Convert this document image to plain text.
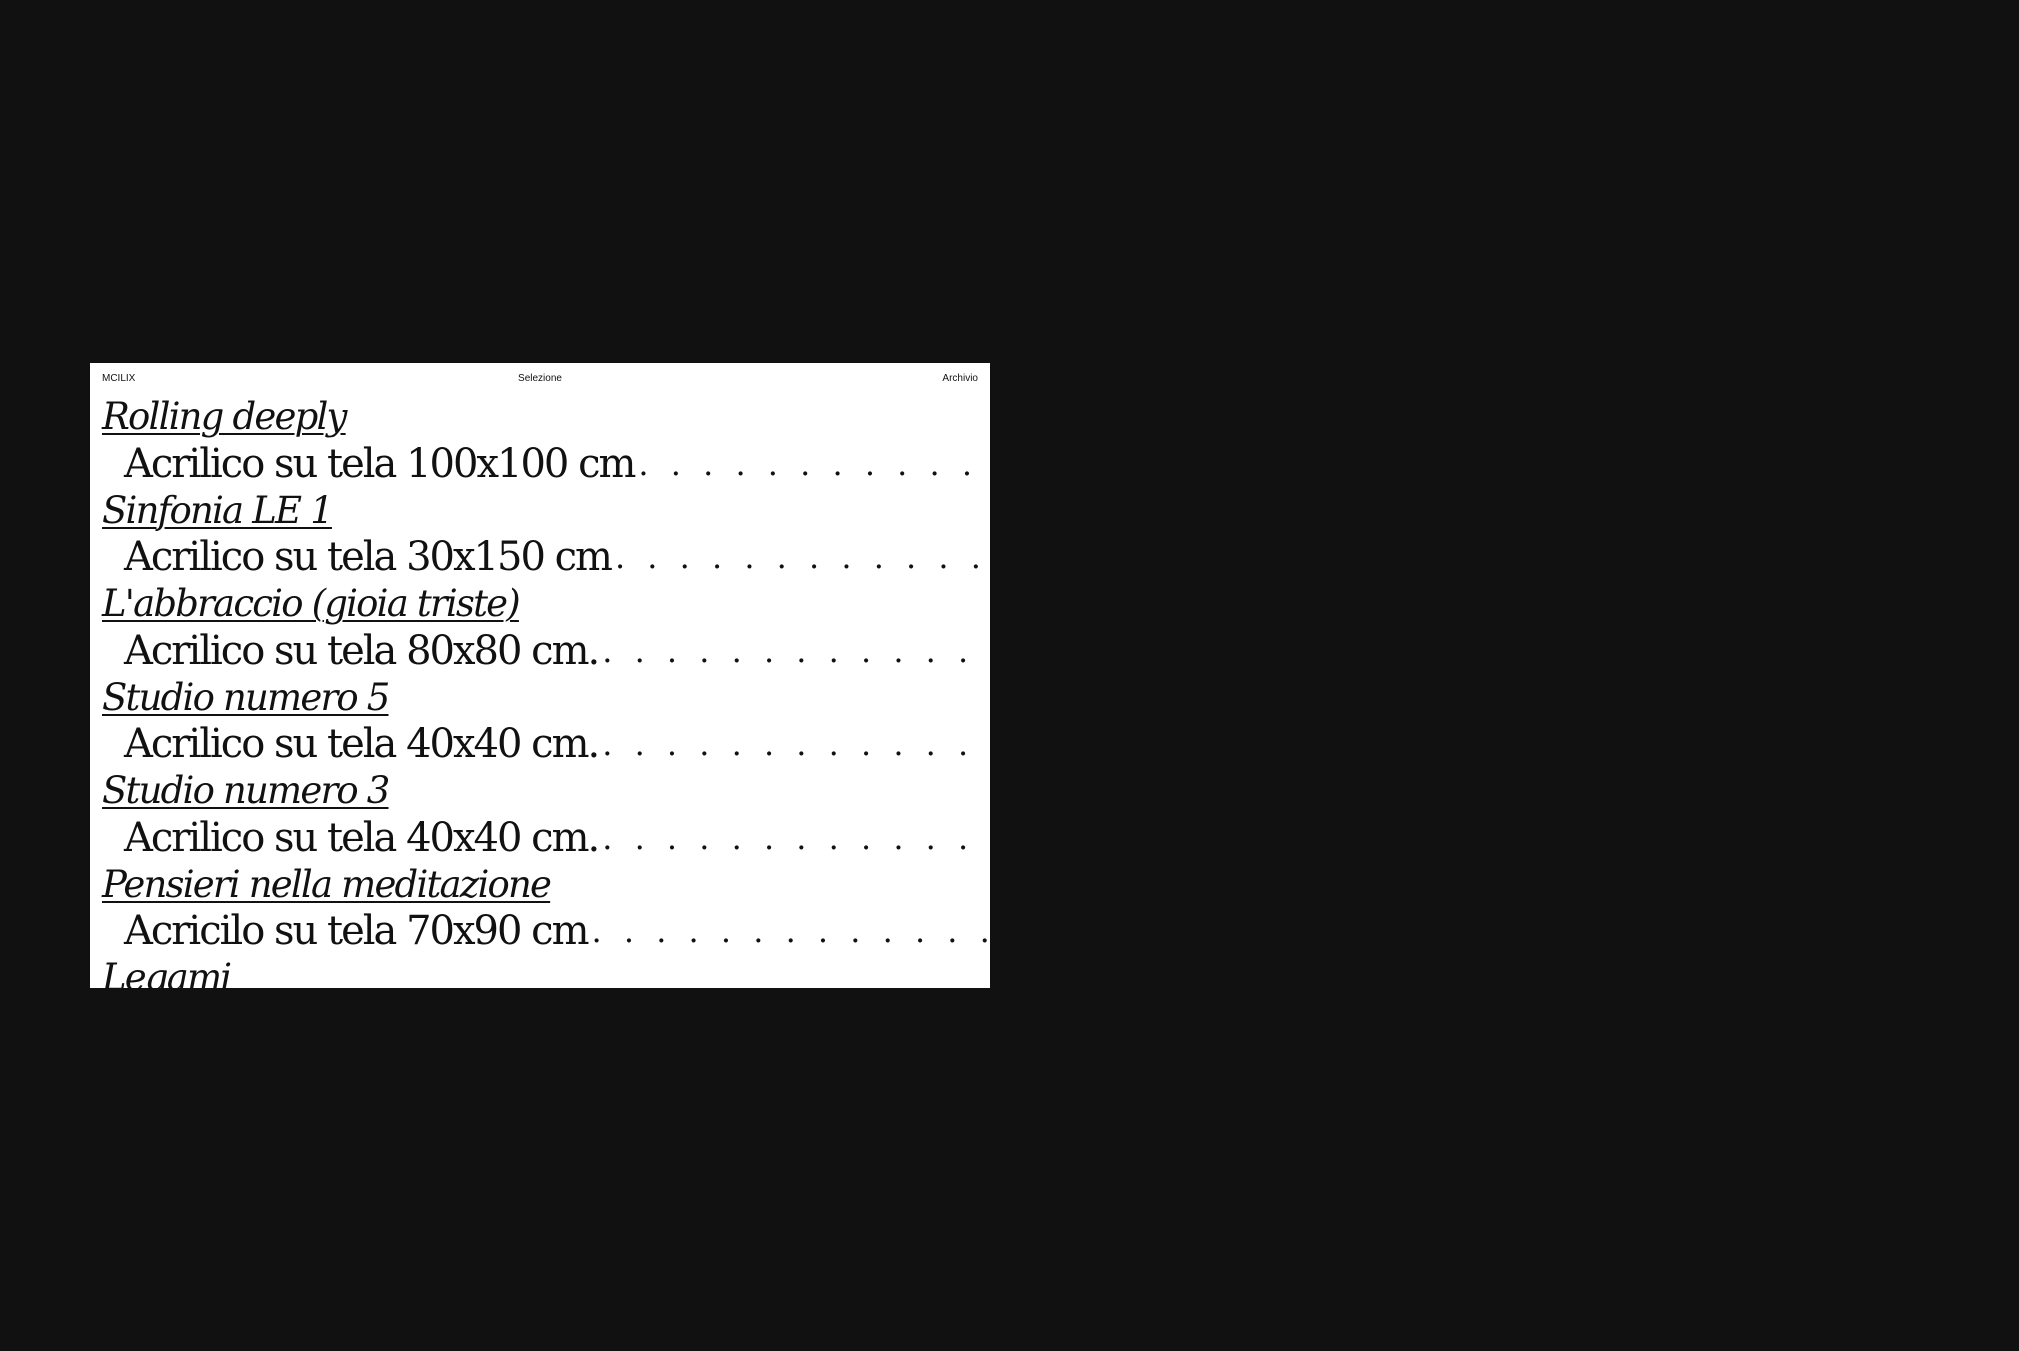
MCILIX	Selezione	Archivio
Rolling deeply
Acrilico su tela 100x100 cm . . . . . . . . . . . . . . . . . . . . . . . . . . . . . . . . . . . . . . . . 2023
Sinfonia LE 1
Acrilico su tela 30x150 cm . . . . . . . . . . . . . . . . . . . . . . . . . . . . . . . . . . . . . . . . 2022
L'abbraccio (gioia triste)
Acrilico su tela 80x80 cm. . . . . . . . . . . . . . . . . . . . . . . . . . . . . . . . . . . . . . . . . 2022
Studio numero 5
Acrilico su tela 40x40 cm. . . . . . . . . . . . . . . . . . . . . . . . . . . . . . . . . . . . . . . . . 2021
Studio numero 3
Acrilico su tela 40x40 cm. . . . . . . . . . . . . . . . . . . . . . . . . . . . . . . . . . . . . . . . . 2021
Pensieri nella meditazione
Acricilo su tela 70x90 cm . . . . . . . . . . . . . . . . . . . . . . . . . . . . . . . . . . . . . . . . 2020
Legami
